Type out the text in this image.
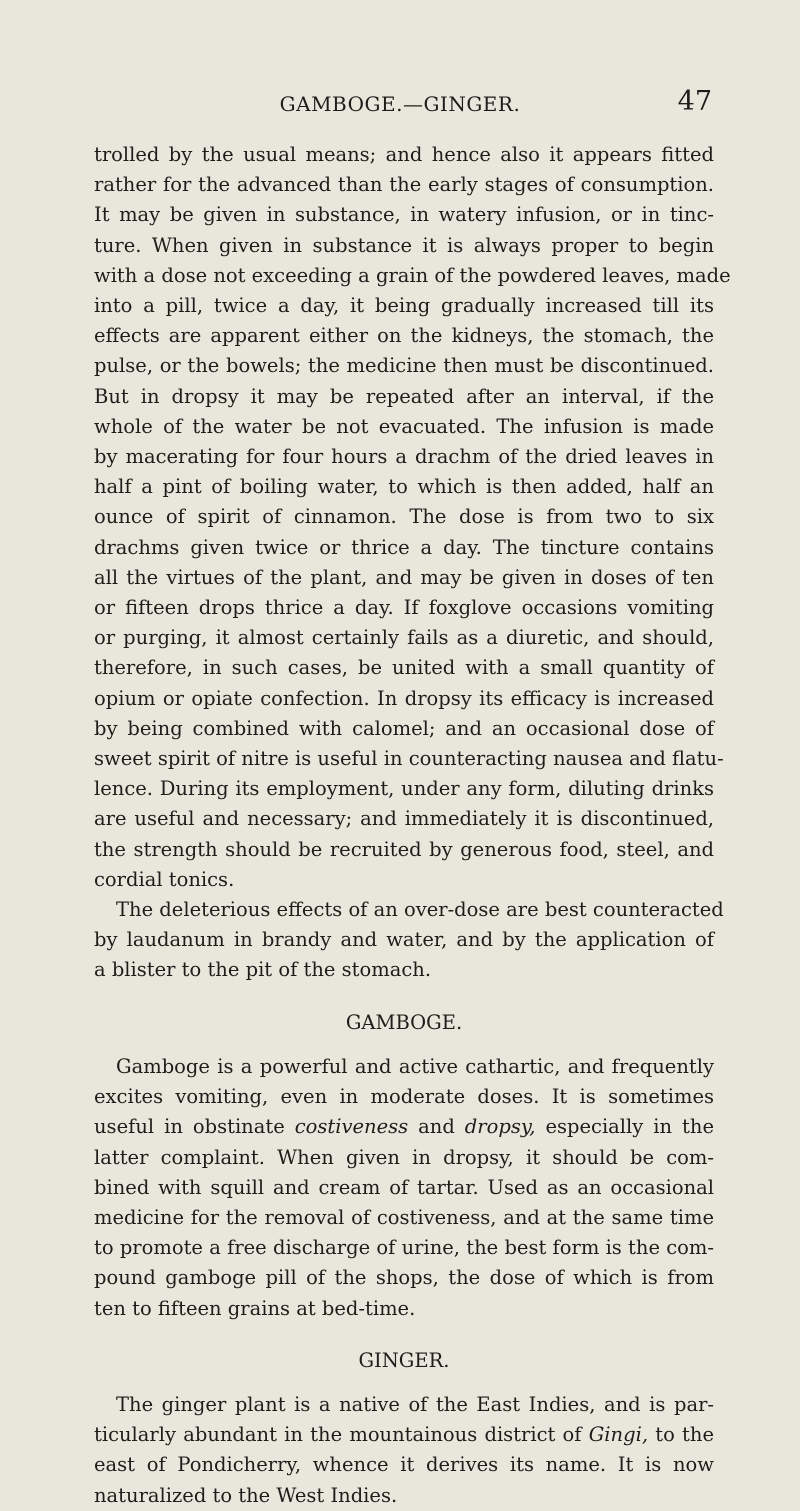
GAMBOGE.—GINGER.	47

trolled by the usual means; and hence also it appears fitted
rather for the advanced than the early stages of consumption.
It may be given in substance, in watery infusion, or in tinc-
ture. When given in substance it is always proper to begin
with a dose not exceeding a grain of the powdered leaves, made
into a pill, twice a day, it being gradually increased till its
effects are apparent either on the kidneys, the stomach, the
pulse, or the bowels; the medicine then must be discontinued.
But in dropsy it may be repeated after an interval, if the
whole of the water be not evacuated. The infusion is made
by macerating for four hours a drachm of the dried leaves in
half a pint of boiling water, to which is then added, half an
ounce of spirit of cinnamon. The dose is from two to six
drachms given twice or thrice a day. The tincture contains
all the virtues of the plant, and may be given in doses of ten
or fifteen drops thrice a day. If foxglove occasions vomiting
or purging, it almost certainly fails as a diuretic, and should,
therefore, in such cases, be united with a small quantity of
opium or opiate confection. In dropsy its efficacy is increased
by being combined with calomel; and an occasional dose of
sweet spirit of nitre is useful in counteracting nausea and flatu-
lence. During its employment, under any form, diluting drinks
are useful and necessary; and immediately it is discontinued,
the strength should be recruited by generous food, steel, and
cordial tonics.

The deleterious effects of an over-dose are best counteracted
by laudanum in brandy and water, and by the application of
a blister to the pit of the stomach.

GAMBOGE.

Gamboge is a powerful and active cathartic, and frequently
excites vomiting, even in moderate doses. It is sometimes
useful in obstinate costiveness and dropsy, especially in the
latter complaint. When given in dropsy, it should be com-
bined with squill and cream of tartar. Used as an occasional
medicine for the removal of costiveness, and at the same time
to promote a free discharge of urine, the best form is the com-
pound gamboge pill of the shops, the dose of which is from
ten to fifteen grains at bed-time.

GINGER.

The ginger plant is a native of the East Indies, and is par-
ticularly abundant in the mountainous district of Gingi, to the
east of Pondicherry, whence it derives its name. It is now
naturalized to the West Indies.
